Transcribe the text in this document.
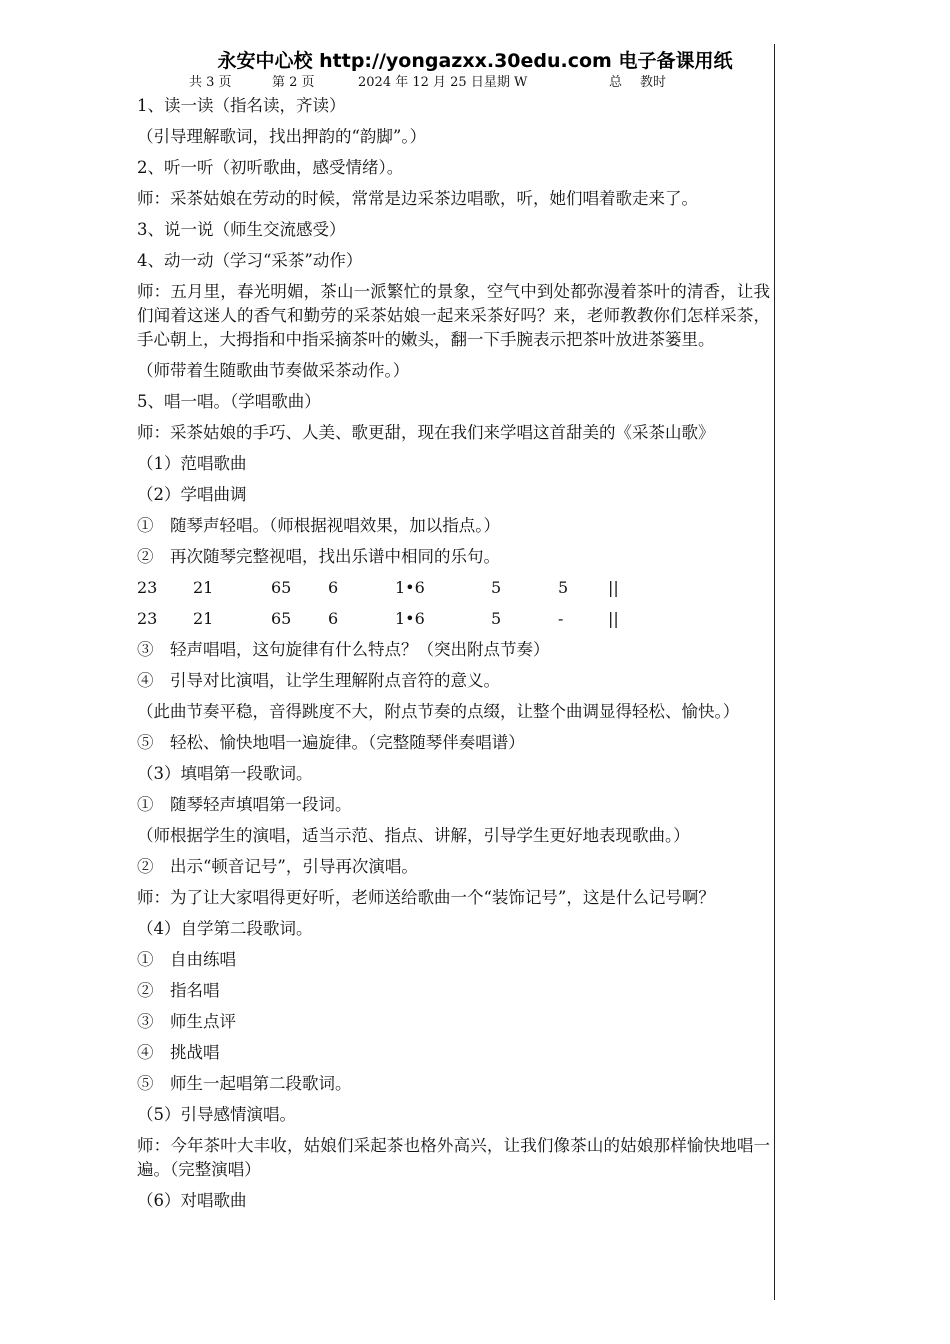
永安中心校 http://yongazxx.30edu.com 电子备课用纸
共 3 页	第 2 页	2024 年 12 月 25 日星期 W	总 教时
1、读一读（指名读，齐读）
（引导理解歌词，找出押韵的“韵脚”。）
2、听一听（初听歌曲，感受情绪）。
师：采茶姑娘在劳动的时候，常常是边采茶边唱歌，听，她们唱着歌走来了。
3、说一说（师生交流感受）
4、动一动（学习“采茶”动作）
师：五月里，春光明媚，茶山一派繁忙的景象，空气中到处都弥漫着茶叶的清香，让我们闻着这迷人的香气和勤劳的采茶姑娘一起来采茶好吗？来，老师教教你们怎样采茶，手心朝上，大拇指和中指采摘茶叶的嫩头，翻一下手腕表示把茶叶放进茶篓里。
（师带着生随歌曲节奏做采茶动作。）
5、唱一唱。（学唱歌曲）
师：采茶姑娘的手巧、人美、歌更甜，现在我们来学唱这首甜美的《采茶山歌》
（1）范唱歌曲
（2）学唱曲调
①　随琴声轻唱。（师根据视唱效果，加以指点。）
②　再次随琴完整视唱，找出乐谱中相同的乐句。
23 21	65 6	1•6	5	5 ||
23 21	65 6	1•6	5	-	||
③　轻声唱唱，这句旋律有什么特点？（突出附点节奏）
④　引导对比演唱，让学生理解附点音符的意义。
（此曲节奏平稳，音得跳度不大，附点节奏的点缀，让整个曲调显得轻松、愉快。）
⑤　轻松、愉快地唱一遍旋律。（完整随琴伴奏唱谱）
（3）填唱第一段歌词。
①　随琴轻声填唱第一段词。
（师根据学生的演唱，适当示范、指点、讲解，引导学生更好地表现歌曲。）
②　出示“顿音记号”，引导再次演唱。
师：为了让大家唱得更好听，老师送给歌曲一个“装饰记号”，这是什么记号啊？
（4）自学第二段歌词。
①　自由练唱
②　指名唱
③　师生点评
④　挑战唱
⑤　师生一起唱第二段歌词。
（5）引导感情演唱。
师：今年茶叶大丰收，姑娘们采起茶也格外高兴，让我们像茶山的姑娘那样愉快地唱一遍。（完整演唱）
（6）对唱歌曲
